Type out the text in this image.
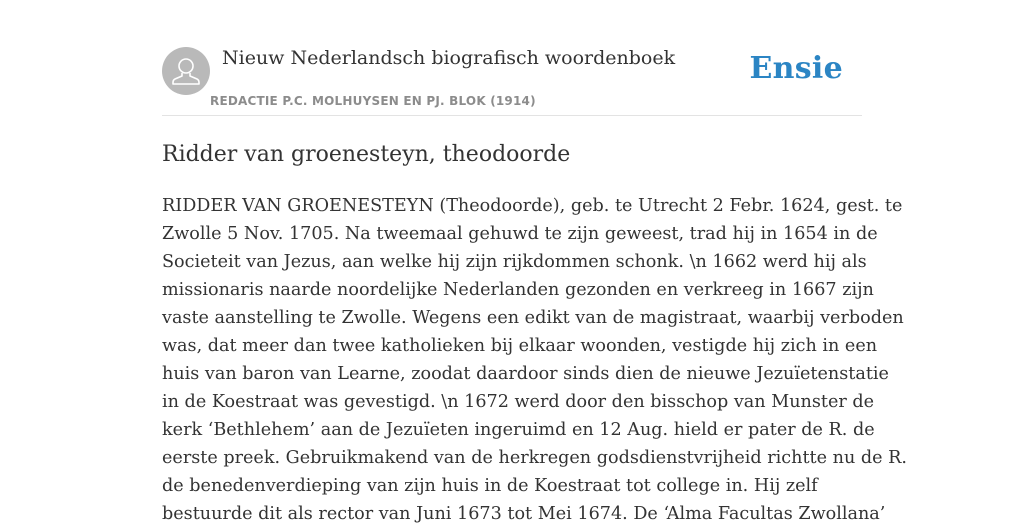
Nieuw Nederlandsch biografisch woordenboek
REDACTIE P.C. MOLHUYSEN EN PJ. BLOK (1914)
Ensie
Ridder van groenesteyn, theodoorde
RIDDER VAN GROENESTEYN (Theodoorde), geb. te Utrecht 2 Febr. 1624, gest. te
Zwolle 5 Nov. 1705. Na tweemaal gehuwd te zijn geweest, trad hij in 1654 in de
Societeit van Jezus, aan welke hij zijn rijkdommen schonk. \n 1662 werd hij als
missionaris naarde noordelijke Nederlanden gezonden en verkreeg in 1667 zijn
vaste aanstelling te Zwolle. Wegens een edikt van de magistraat, waarbij verboden
was, dat meer dan twee katholieken bij elkaar woonden, vestigde hij zich in een
huis van baron van Learne, zoodat daardoor sinds dien de nieuwe Jezuïetenstatie
in de Koestraat was gevestigd. \n 1672 werd door den bisschop van Munster de
kerk ‘Bethlehem’ aan de Jezuïeten ingeruimd en 12 Aug. hield er pater de R. de
eerste preek. Gebruikmakend van de herkregen godsdienstvrijheid richtte nu de R.
de benedenverdieping van zijn huis in de Koestraat tot college in. Hij zelf
bestuurde dit als rector van Juni 1673 tot Mei 1674. De ‘Alma Facultas Zwollana’
